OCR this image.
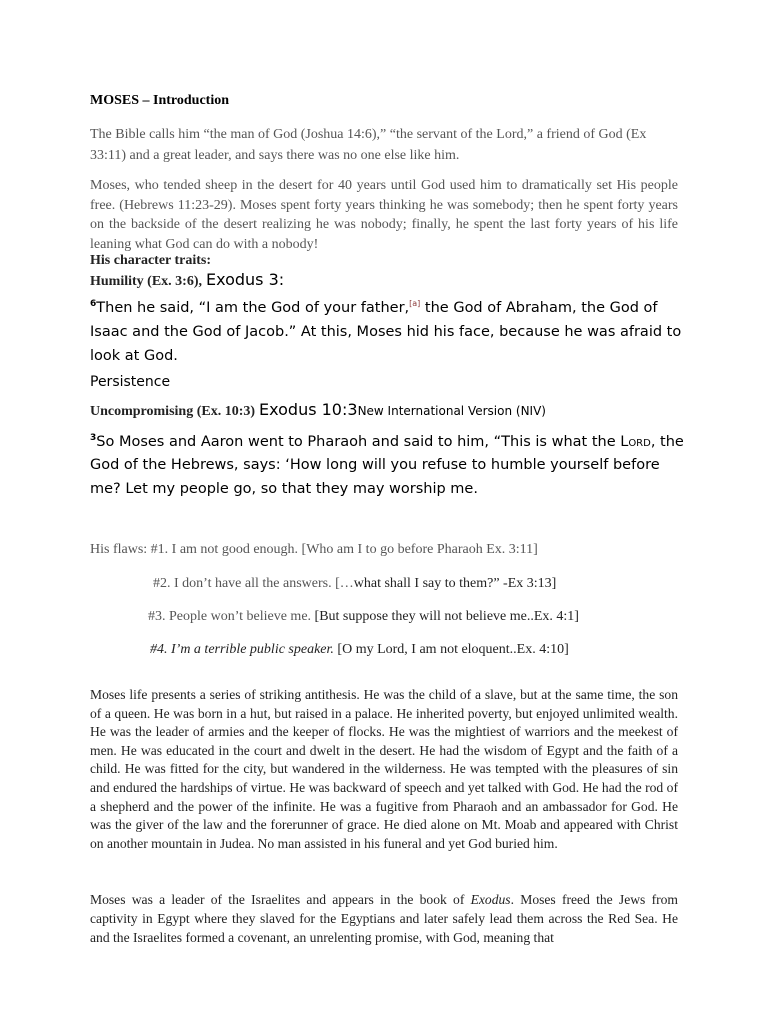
MOSES – Introduction

The Bible calls him “the man of God (Joshua 14:6),” “the servant of the Lord,” a friend of God (Ex 33:11) and a great leader, and says there was no one else like him.

Moses, who tended sheep in the desert for 40 years until God used him to dramatically set His people free. (Hebrews 11:23-29). Moses spent forty years thinking he was somebody; then he spent forty years on the backside of the desert realizing he was nobody; finally, he spent the last forty years of his life leaning what God can do with a nobody!

His character traits:

Humility (Ex. 3:6), Exodus 3:

$^6$Then he said, “I am the God of your father,[a] the God of Abraham, the God of Isaac and the God of Jacob.” At this, Moses hid his face, because he was afraid to look at God.

Persistence

Uncompromising (Ex. 10:3) Exodus 10:3New International Version (NIV)

$^3$So Moses and Aaron went to Pharaoh and said to him, “This is what the Lord, the God of the Hebrews, says: ‘How long will you refuse to humble yourself before me? Let my people go, so that they may worship me.

His flaws: #1. I am not good enough. [Who am I to go before Pharaoh Ex. 3:11]

#2. I don’t have all the answers. […what shall I say to them?” -Ex 3:13]

#3. People won’t believe me. [But suppose they will not believe me..Ex. 4:1]

#4. I’m a terrible public speaker. [O my Lord, I am not eloquent..Ex. 4:10]

Moses life presents a series of striking antithesis. He was the child of a slave, but at the same time, the son of a queen. He was born in a hut, but raised in a palace. He inherited poverty, but enjoyed unlimited wealth. He was the leader of armies and the keeper of flocks. He was the mightiest of warriors and the meekest of men. He was educated in the court and dwelt in the desert. He had the wisdom of Egypt and the faith of a child. He was fitted for the city, but wandered in the wilderness. He was tempted with the pleasures of sin and endured the hardships of virtue. He was backward of speech and yet talked with God. He had the rod of a shepherd and the power of the infinite. He was a fugitive from Pharaoh and an ambassador for God. He was the giver of the law and the forerunner of grace. He died alone on Mt. Moab and appeared with Christ on another mountain in Judea. No man assisted in his funeral and yet God buried him.

Moses was a leader of the Israelites and appears in the book of Exodus. Moses freed the Jews from captivity in Egypt where they slaved for the Egyptians and later safely lead them across the Red Sea. He and the Israelites formed a covenant, an unrelenting promise, with God, meaning that
